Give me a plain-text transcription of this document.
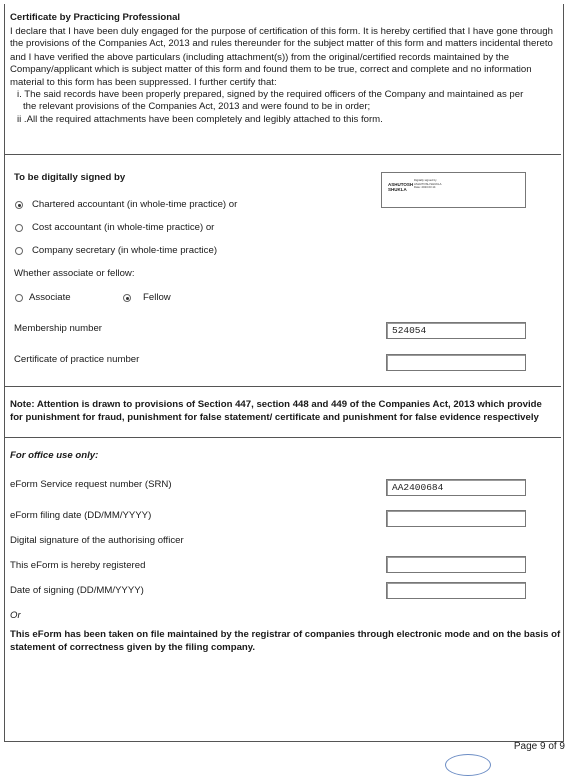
Certificate by Practicing Professional
I declare that I have been duly engaged for the purpose of certification of this form. It is hereby certified that I have gone through
the provisions of the Companies Act, 2013 and rules thereunder for the subject matter of this form and matters incidental thereto
and I have verified the above particulars (including attachment(s)) from the original/certified records maintained by the
Company/applicant which is subject matter of this form and found them to be true, correct and complete and no information
material to this form has been suppressed. I further certify that:
i. The said records have been properly prepared, signed by the required officers of the Company and maintained as per
the relevant provisions of the Companies Act, 2013 and were found to be in order;
ii .All the required attachments have been completely and legibly attached to this form.
To be digitally signed by
ASHUTOSH SHUKLA
Digitally signed by ASHUTOSH SHUKLA Date: 2023.03.14
Chartered accountant (in whole-time practice) or
Cost accountant (in whole-time practice) or
Company secretary (in whole-time practice)
Whether associate or fellow:
Associate	Fellow
Membership number	524054
Certificate of practice number
Note: Attention is drawn to provisions of Section 447, section 448 and 449 of the Companies Act, 2013 which provide
for punishment for fraud, punishment for false statement/ certificate and punishment for false evidence respectively
For office use only:
eForm Service request number (SRN)	AA2400684
eForm filing date (DD/MM/YYYY)
Digital signature of the authorising officer
This eForm is hereby registered
Date of signing (DD/MM/YYYY)
Or
This eForm has been taken on file maintained by the registrar of companies through electronic mode and on the basis of
statement of correctness given by the filing company.
Page 9 of 9
